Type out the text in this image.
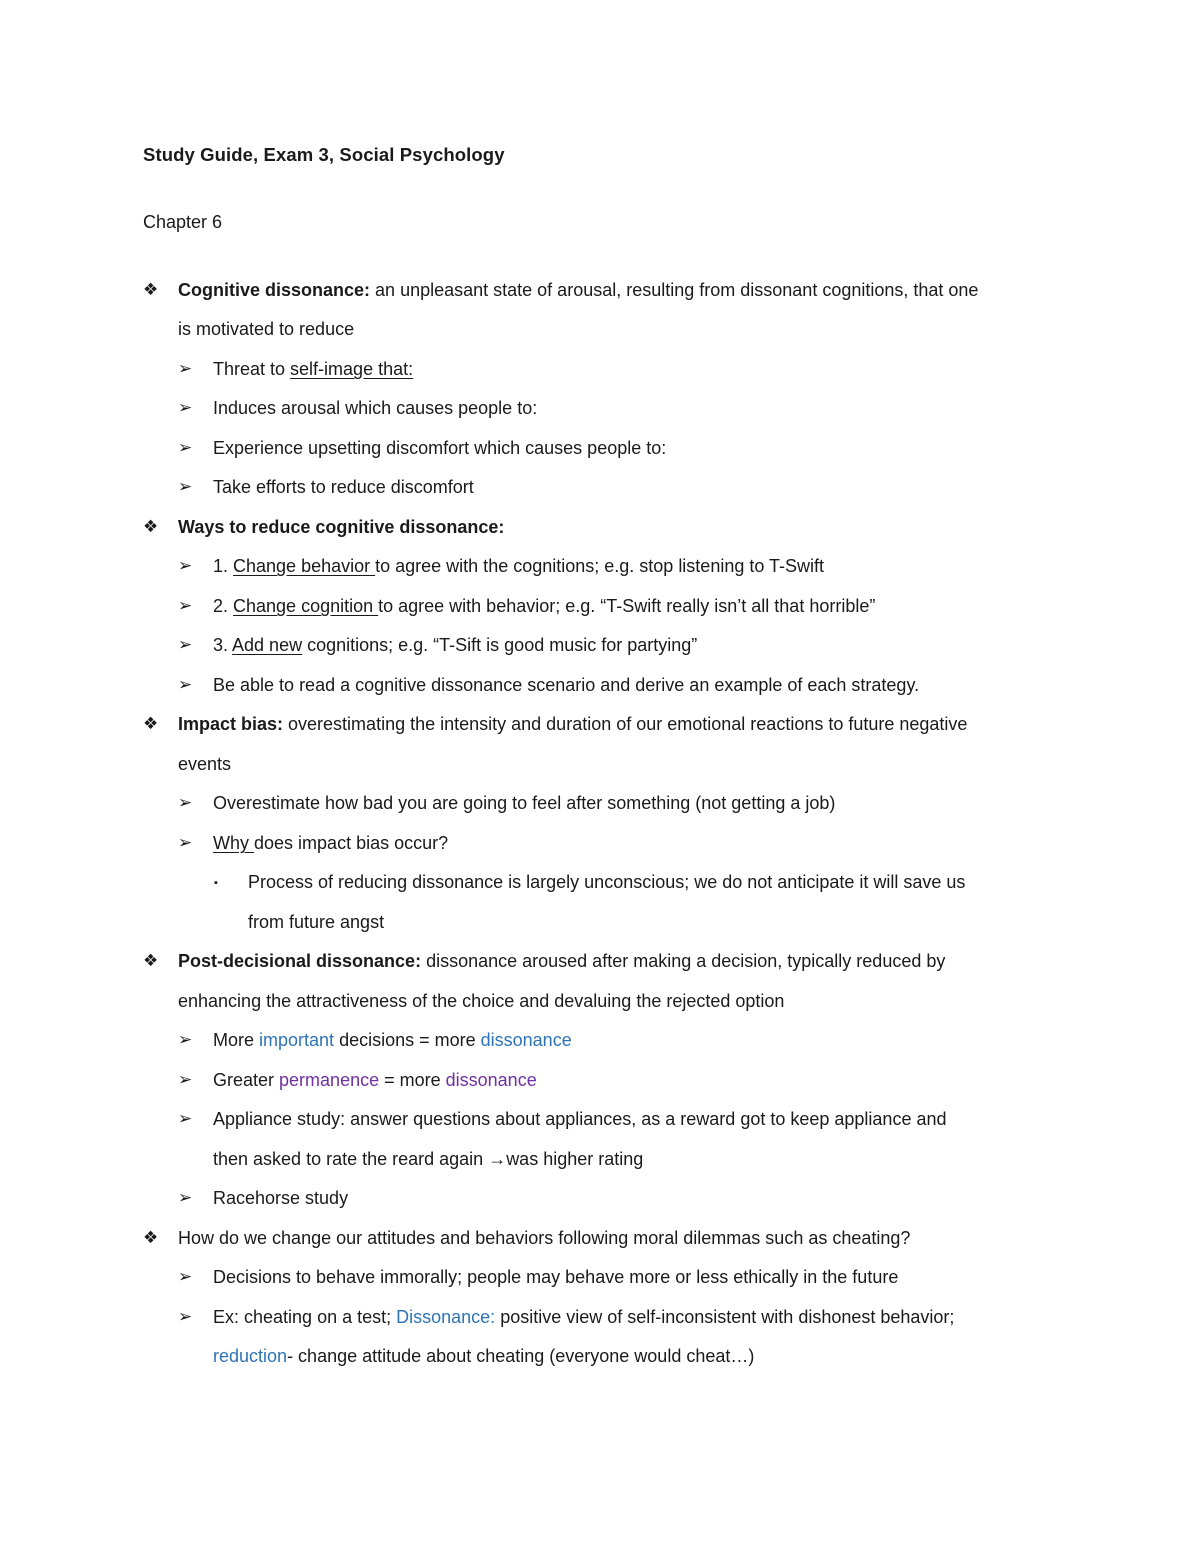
Study Guide, Exam 3, Social Psychology
Chapter 6
❖ Cognitive dissonance: an unpleasant state of arousal, resulting from dissonant cognitions, that one
is motivated to reduce
➢ Threat to self-image that:
➢ Induces arousal which causes people to:
➢ Experience upsetting discomfort which causes people to:
➢ Take efforts to reduce discomfort
❖ Ways to reduce cognitive dissonance:
➢ 1. Change behavior to agree with the cognitions; e.g. stop listening to T-Swift
➢ 2. Change cognition to agree with behavior; e.g. “T-Swift really isn’t all that horrible”
➢ 3. Add new cognitions; e.g. “T-Sift is good music for partying”
➢ Be able to read a cognitive dissonance scenario and derive an example of each strategy.
❖ Impact bias: overestimating the intensity and duration of our emotional reactions to future negative
events
➢ Overestimate how bad you are going to feel after something (not getting a job)
➢ Why does impact bias occur?
▪ Process of reducing dissonance is largely unconscious; we do not anticipate it will save us
from future angst
❖ Post-decisional dissonance: dissonance aroused after making a decision, typically reduced by
enhancing the attractiveness of the choice and devaluing the rejected option
➢ More important decisions = more dissonance
➢ Greater permanence = more dissonance
➢ Appliance study: answer questions about appliances, as a reward got to keep appliance and
then asked to rate the reard again →was higher rating
➢ Racehorse study
❖ How do we change our attitudes and behaviors following moral dilemmas such as cheating?
➢ Decisions to behave immorally; people may behave more or less ethically in the future
➢ Ex: cheating on a test; Dissonance: positive view of self-inconsistent with dishonest behavior;
reduction- change attitude about cheating (everyone would cheat…)
